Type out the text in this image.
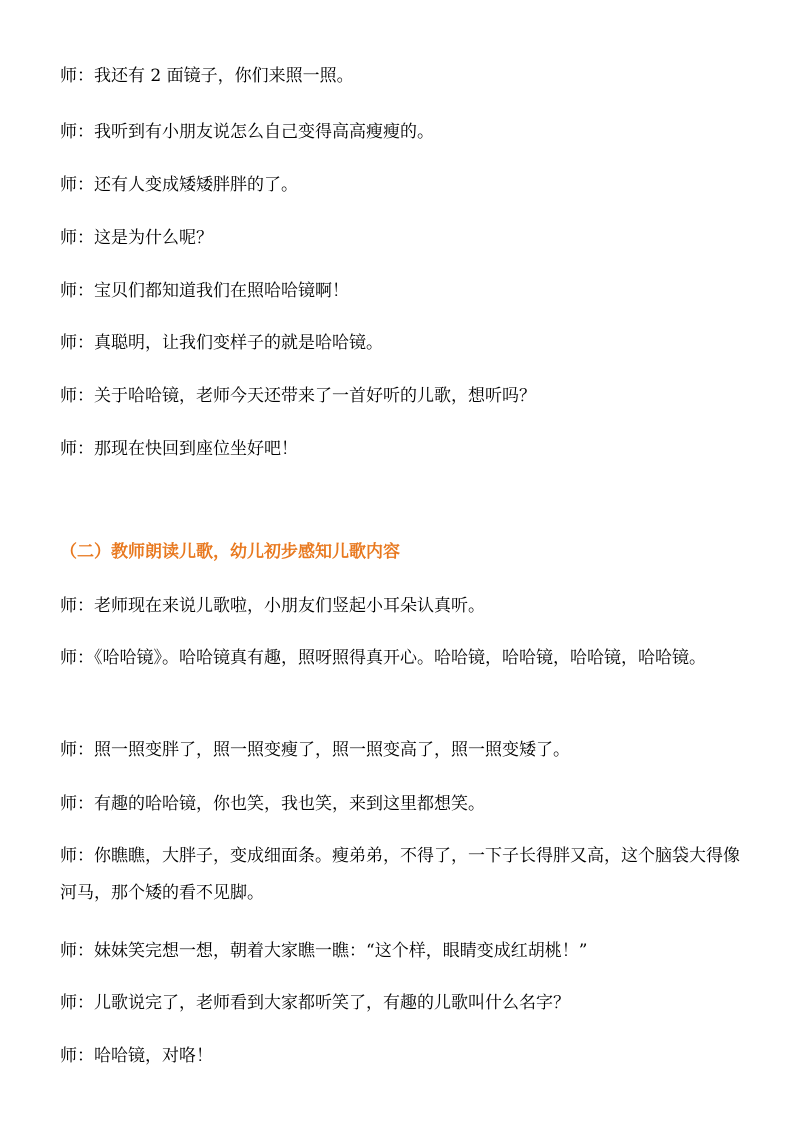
师：我还有 2 面镜子，你们来照一照。
师：我听到有小朋友说怎么自己变得高高瘦瘦的。
师：还有人变成矮矮胖胖的了。
师：这是为什么呢？
师：宝贝们都知道我们在照哈哈镜啊！
师：真聪明，让我们变样子的就是哈哈镜。
师：关于哈哈镜，老师今天还带来了一首好听的儿歌，想听吗？
师：那现在快回到座位坐好吧！
（二）教师朗读儿歌，幼儿初步感知儿歌内容
师：老师现在来说儿歌啦，小朋友们竖起小耳朵认真听。
师：《哈哈镜》。哈哈镜真有趣，照呀照得真开心。哈哈镜，哈哈镜，哈哈镜，哈哈镜。
师：照一照变胖了，照一照变瘦了，照一照变高了，照一照变矮了。
师：有趣的哈哈镜，你也笑，我也笑，来到这里都想笑。
师：你瞧瞧，大胖子，变成细面条。瘦弟弟，不得了，一下子长得胖又高，这个脑袋大得像河马，那个矮的看不见脚。
师：妹妹笑完想一想，朝着大家瞧一瞧：“这个样，眼睛变成红胡桃！”
师：儿歌说完了，老师看到大家都听笑了，有趣的儿歌叫什么名字？
师：哈哈镜，对咯！
